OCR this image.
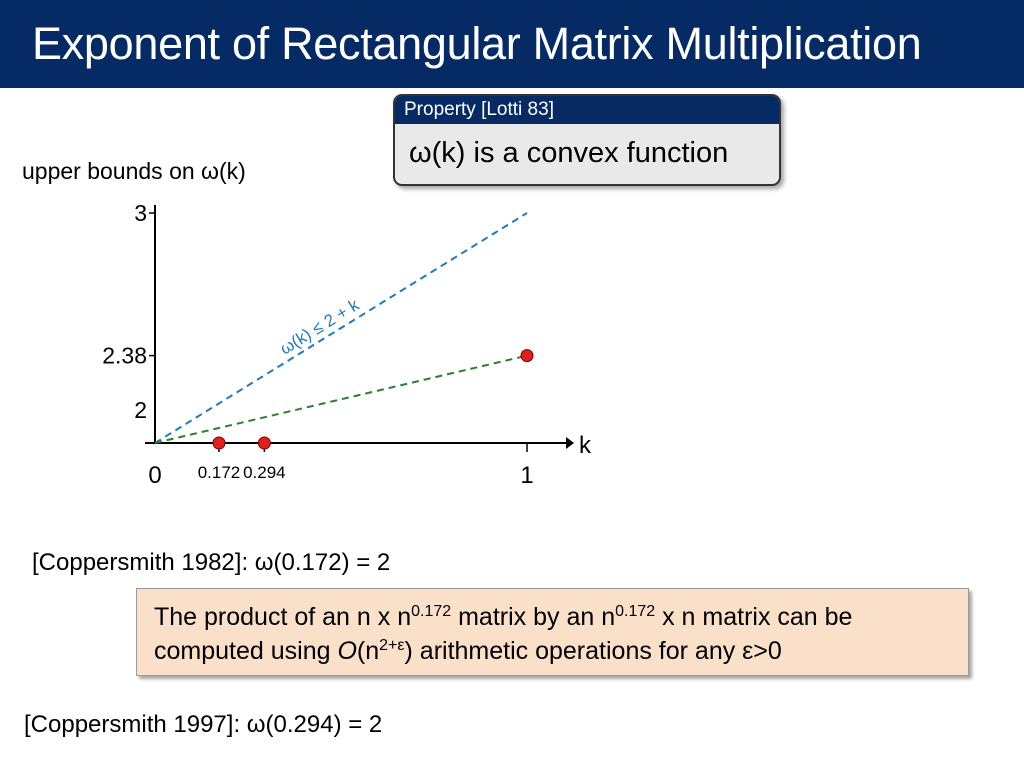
Exponent of Rectangular Matrix Multiplication
Property [Lotti 83]
ω(k) is a convex function
upper bounds on ω(k)
3
2.38
2
0 0.172 0.294	1
k
ω(k) ≤ 2 + k
[Coppersmith 1982]: ω(0.172) = 2
The product of an n x $n^{0.172}$ matrix by an $n^{0.172}$ x n matrix can be
computed using $O(n^{2+\varepsilon})$ arithmetic operations for any ε>0
[Coppersmith 1997]: ω(0.294) = 2
